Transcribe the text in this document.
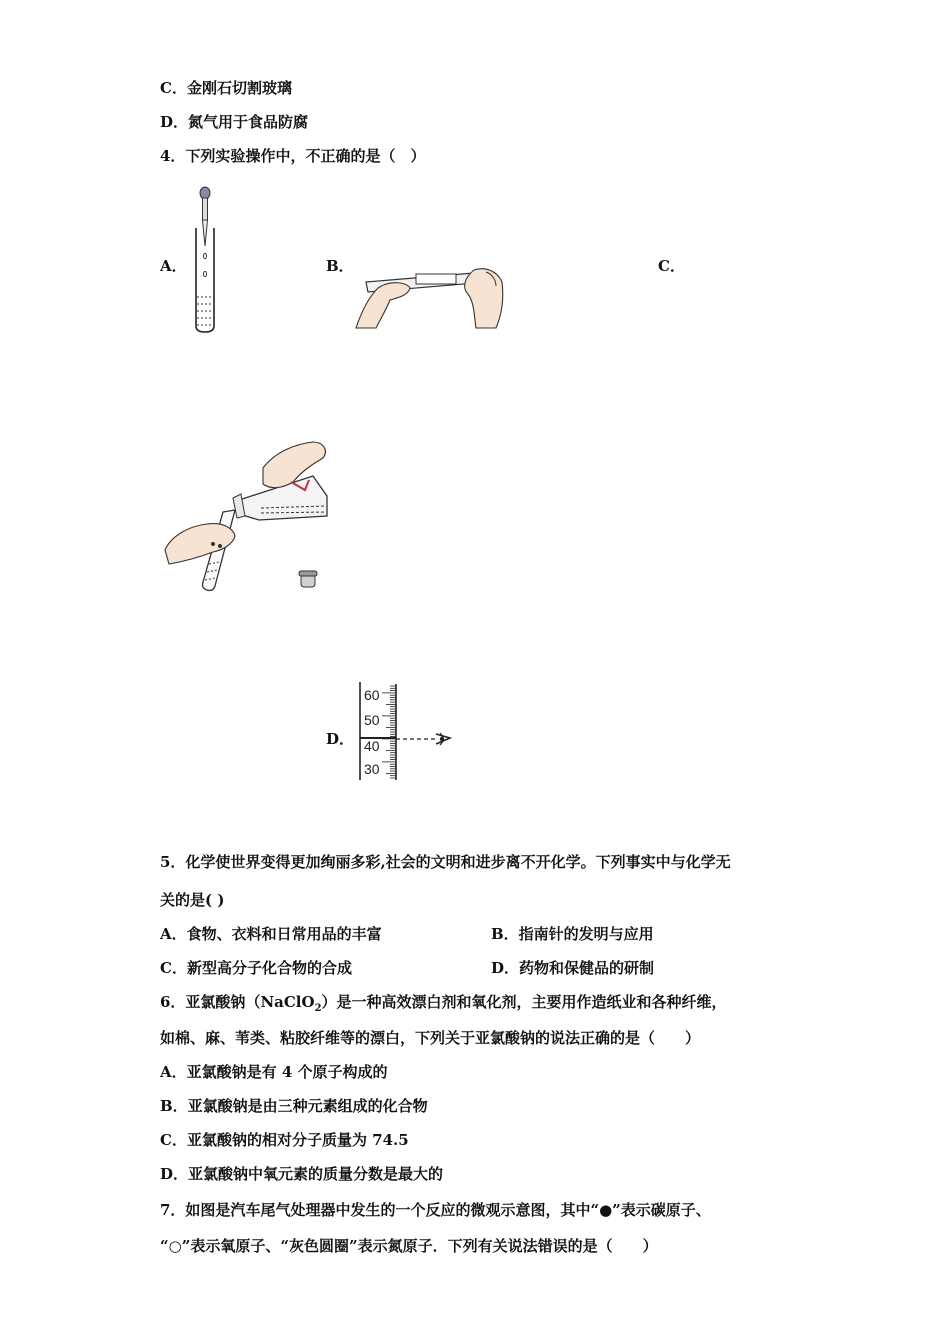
C．金刚石切割玻璃
D．氮气用于食品防腐
4．下列实验操作中，不正确的是（　）
A．	B．	C．
D．
60
50
40
30
5．化学使世界变得更加绚丽多彩,社会的文明和进步离不开化学。下列事实中与化学无
关的是( )
A．食物、衣料和日常用品的丰富	B．指南针的发明与应用
C．新型高分子化合物的合成	D．药物和保健品的研制
6．亚氯酸钠（NaClO$_2$）是一种高效漂白剂和氧化剂，主要用作造纸业和各种纤维，
如棉、麻、苇类、粘胶纤维等的漂白，下列关于亚氯酸钠的说法正确的是（　　）
A．亚氯酸钠是有 4 个原子构成的
B．亚氯酸钠是由三种元素组成的化合物
C．亚氯酸钠的相对分子质量为 74.5
D．亚氯酸钠中氧元素的质量分数是最大的
7．如图是汽车尾气处理器中发生的一个反应的微观示意图，其中“●”表示碳原子、
“○”表示氧原子、“灰色圆圈”表示氮原子．下列有关说法错误的是（　　）
